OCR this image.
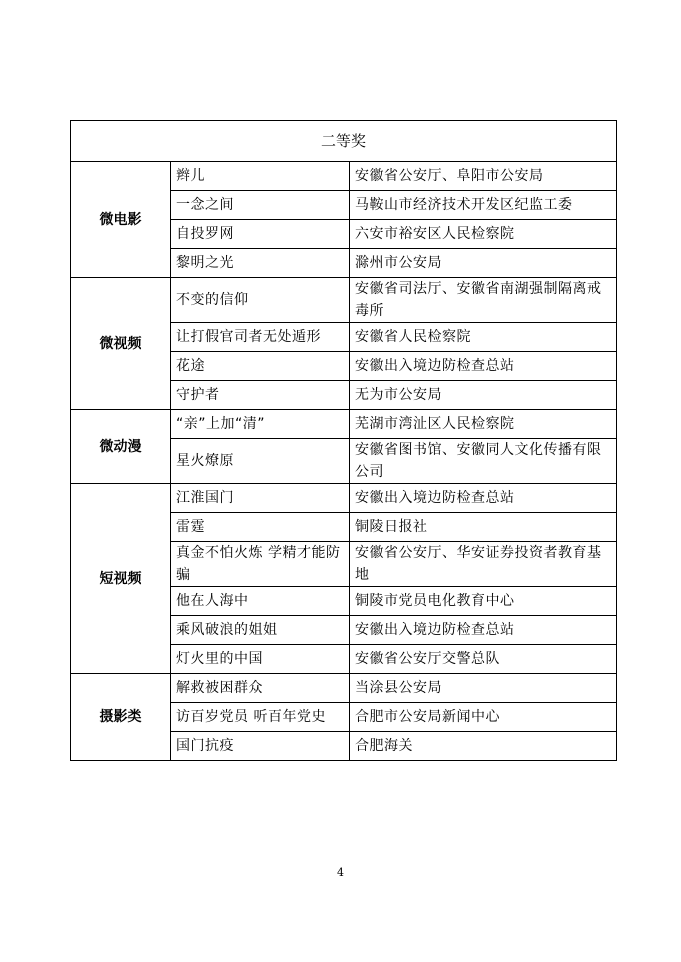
二等奖		
微电影	辫儿	安徽省公安厅、阜阳市公安局
	一念之间	马鞍山市经济技术开发区纪监工委
	自投罗网	六安市裕安区人民检察院
	黎明之光	滁州市公安局
微视频	不变的信仰	安徽省司法厅、安徽省南湖强制隔离戒毒所
	让打假官司者无处遁形	安徽省人民检察院
	花途	安徽出入境边防检查总站
	守护者	无为市公安局
微动漫	“亲”上加“清”	芜湖市湾沚区人民检察院
	星火燎原	安徽省图书馆、安徽同人文化传播有限公司
短视频	江淮国门	安徽出入境边防检查总站
	雷霆	铜陵日报社
	真金不怕火炼 学精才能防骗	安徽省公安厅、华安证券投资者教育基地
	他在人海中	铜陵市党员电化教育中心
	乘风破浪的姐姐	安徽出入境边防检查总站
	灯火里的中国	安徽省公安厅交警总队
摄影类	解救被困群众	当涂县公安局
	访百岁党员 听百年党史	合肥市公安局新闻中心
	国门抗疫	合肥海关
4
